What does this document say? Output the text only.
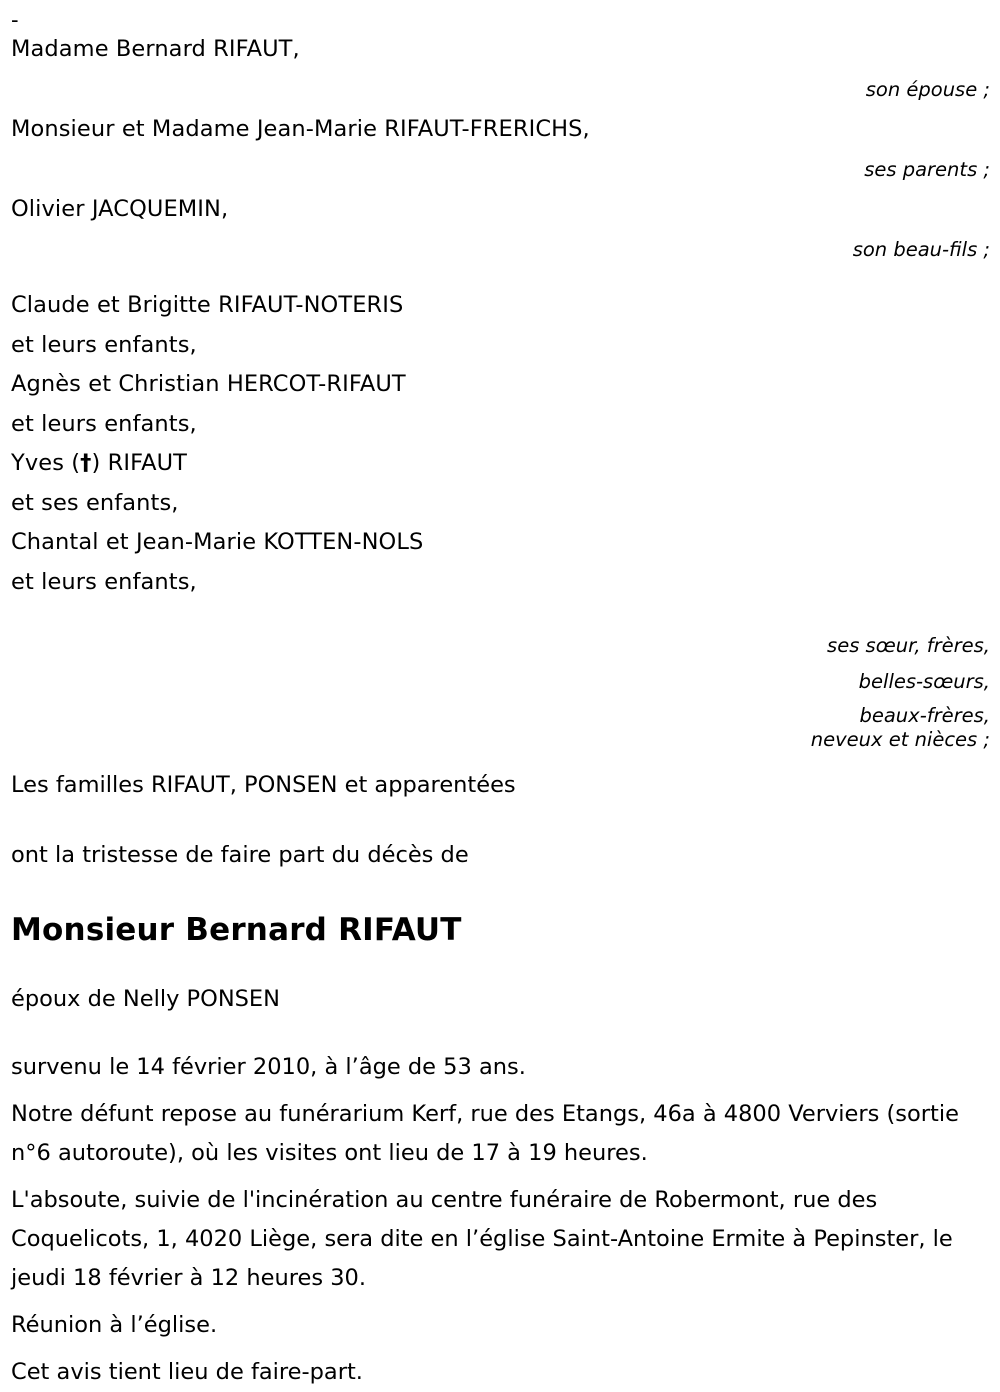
-
Madame Bernard RIFAUT,
son épouse ;
Monsieur et Madame Jean-Marie RIFAUT-FRERICHS,
ses parents ;
Olivier JACQUEMIN,
son beau-fils ;
Claude et Brigitte RIFAUT-NOTERIS
et leurs enfants,
Agnès et Christian HERCOT-RIFAUT
et leurs enfants,
Yves (†) RIFAUT
et ses enfants,
Chantal et Jean-Marie KOTTEN-NOLS
et leurs enfants,
ses sœur, frères,
belles-sœurs,
beaux-frères,
neveux et nièces ;
Les familles RIFAUT, PONSEN et apparentées
ont la tristesse de faire part du décès de
Monsieur Bernard RIFAUT
époux de Nelly PONSEN
survenu le 14 février 2010, à l’âge de 53 ans.
Notre défunt repose au funérarium Kerf, rue des Etangs, 46a à 4800 Verviers (sortie n°6 autoroute), où les visites ont lieu de 17 à 19 heures.
L'absoute, suivie de l'incinération au centre funéraire de Robermont, rue des Coquelicots, 1, 4020 Liège, sera dite en l’église Saint-Antoine Ermite à Pepinster, le jeudi 18 février à 12 heures 30.
Réunion à l’église.
Cet avis tient lieu de faire-part.
